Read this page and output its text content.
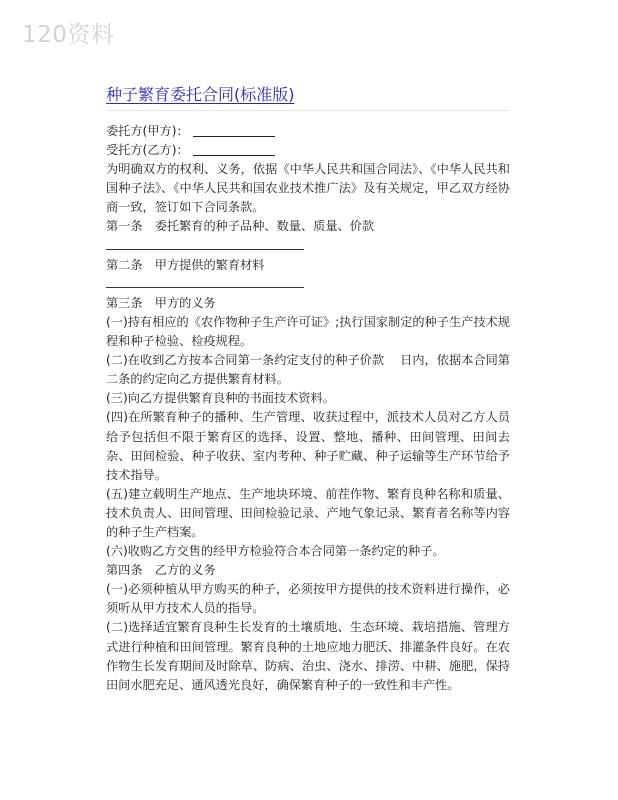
120资料
种子繁育委托合同(标准版)

委托方(甲方)：

受托方(乙方)：

为明确双方的权利、义务，依据《中华人民共和国合同法》、《中华人民共和国种子法》、《中华人民共和国农业技术推广法》及有关规定，甲乙双方经协商一致，签订如下合同条款。

第一条　委托繁育的种子品种、数量、质量、价款

第二条　甲方提供的繁育材料

第三条　甲方的义务

(一)持有相应的《农作物种子生产许可证》;执行国家制定的种子生产技术规程和种子检验、检疫规程。

(二)在收到乙方按本合同第一条约定支付的种子价款　 日内，依据本合同第二条的约定向乙方提供繁育材料。

(三)向乙方提供繁育良种的书面技术资料。

(四)在所繁育种子的播种、生产管理、收获过程中，派技术人员对乙方人员给予包括但不限于繁育区的选择、设置、整地、播种、田间管理、田间去杂、田间检验、种子收获、室内考种、种子贮藏、种子运输等生产环节给予技术指导。

(五)建立载明生产地点、生产地块环境、前茬作物、繁育良种名称和质量、技术负责人、田间管理、田间检验记录、产地气象记录、繁育者名称等内容的种子生产档案。

(六)收购乙方交售的经甲方检验符合本合同第一条约定的种子。

第四条　乙方的义务

(一)必须种植从甲方购买的种子，必须按甲方提供的技术资料进行操作，必须听从甲方技术人员的指导。

(二)选择适宜繁育良种生长发育的土壤质地、生态环境、栽培措施、管理方式进行种植和田间管理。繁育良种的土地应地力肥沃、排灌条件良好。在农作物生长发育期间及时除草、防病、治虫、浇水、排涝、中耕、施肥，保持田间水肥充足、通风透光良好，确保繁育种子的一致性和丰产性。
